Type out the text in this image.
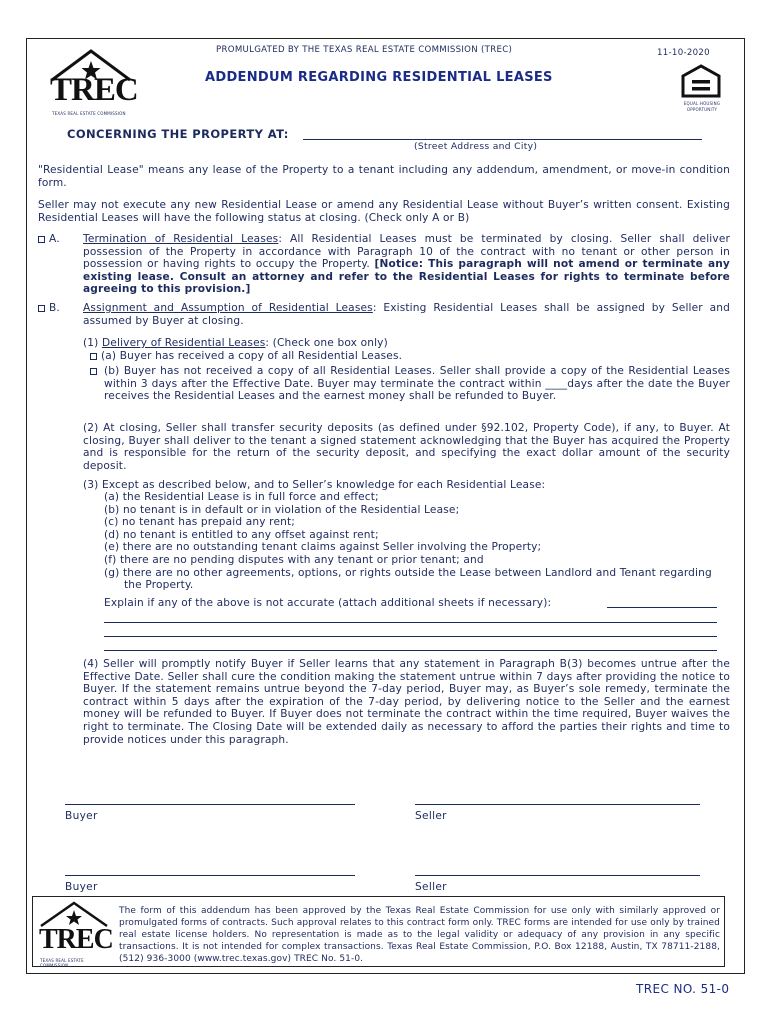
PROMULGATED BY THE TEXAS REAL ESTATE COMMISSION (TREC)	11-10-2020
ADDENDUM REGARDING RESIDENTIAL LEASES
TREC
TEXAS REAL ESTATE COMMISSION
EQUAL HOUSING
OPPORTUNITY
CONCERNING THE PROPERTY AT:
(Street Address and City)
"Residential Lease" means any lease of the Property to a tenant including any addendum, amendment, or move-in condition form.
Seller may not execute any new Residential Lease or amend any Residential Lease without Buyer’s written consent. Existing Residential Leases will have the following status at closing. (Check only A or B)
A. Termination of Residential Leases: All Residential Leases must be terminated by closing. Seller shall deliver possession of the Property in accordance with Paragraph 10 of the contract with no tenant or other person in possession or having rights to occupy the Property. [Notice: This paragraph will not amend or terminate any existing lease. Consult an attorney and refer to the Residential Leases for rights to terminate before agreeing to this provision.]
B. Assignment and Assumption of Residential Leases: Existing Residential Leases shall be assigned by Seller and assumed by Buyer at closing.
(1) Delivery of Residential Leases: (Check one box only)
(a) Buyer has received a copy of all Residential Leases.
(b) Buyer has not received a copy of all Residential Leases. Seller shall provide a copy of the Residential Leases within 3 days after the Effective Date. Buyer may terminate the contract within ____days after the date the Buyer receives the Residential Leases and the earnest money shall be refunded to Buyer.
(2) At closing, Seller shall transfer security deposits (as defined under §92.102, Property Code), if any, to Buyer. At closing, Buyer shall deliver to the tenant a signed statement acknowledging that the Buyer has acquired the Property and is responsible for the return of the security deposit, and specifying the exact dollar amount of the security deposit.
(3) Except as described below, and to Seller’s knowledge for each Residential Lease:
(a) the Residential Lease is in full force and effect;
(b) no tenant is in default or in violation of the Residential Lease;
(c) no tenant has prepaid any rent;
(d) no tenant is entitled to any offset against rent;
(e) there are no outstanding tenant claims against Seller involving the Property;
(f) there are no pending disputes with any tenant or prior tenant; and
(g) there are no other agreements, options, or rights outside the Lease between Landlord and Tenant regarding the Property.
Explain if any of the above is not accurate (attach additional sheets if necessary):
(4) Seller will promptly notify Buyer if Seller learns that any statement in Paragraph B(3) becomes untrue after the Effective Date. Seller shall cure the condition making the statement untrue within 7 days after providing the notice to Buyer. If the statement remains untrue beyond the 7-day period, Buyer may, as Buyer’s sole remedy, terminate the contract within 5 days after the expiration of the 7-day period, by delivering notice to the Seller and the earnest money will be refunded to Buyer. If Buyer does not terminate the contract within the time required, Buyer waives the right to terminate. The Closing Date will be extended daily as necessary to afford the parties their rights and time to provide notices under this paragraph.
Buyer	Seller
Buyer	Seller
TREC
TEXAS REAL ESTATE COMMISSION
The form of this addendum has been approved by the Texas Real Estate Commission for use only with similarly approved or promulgated forms of contracts. Such approval relates to this contract form only. TREC forms are intended for use only by trained real estate license holders. No representation is made as to the legal validity or adequacy of any provision in any specific transactions. It is not intended for complex transactions. Texas Real Estate Commission, P.O. Box 12188, Austin, TX 78711-2188, (512) 936-3000 (www.trec.texas.gov) TREC No. 51-0.
TREC NO. 51-0
